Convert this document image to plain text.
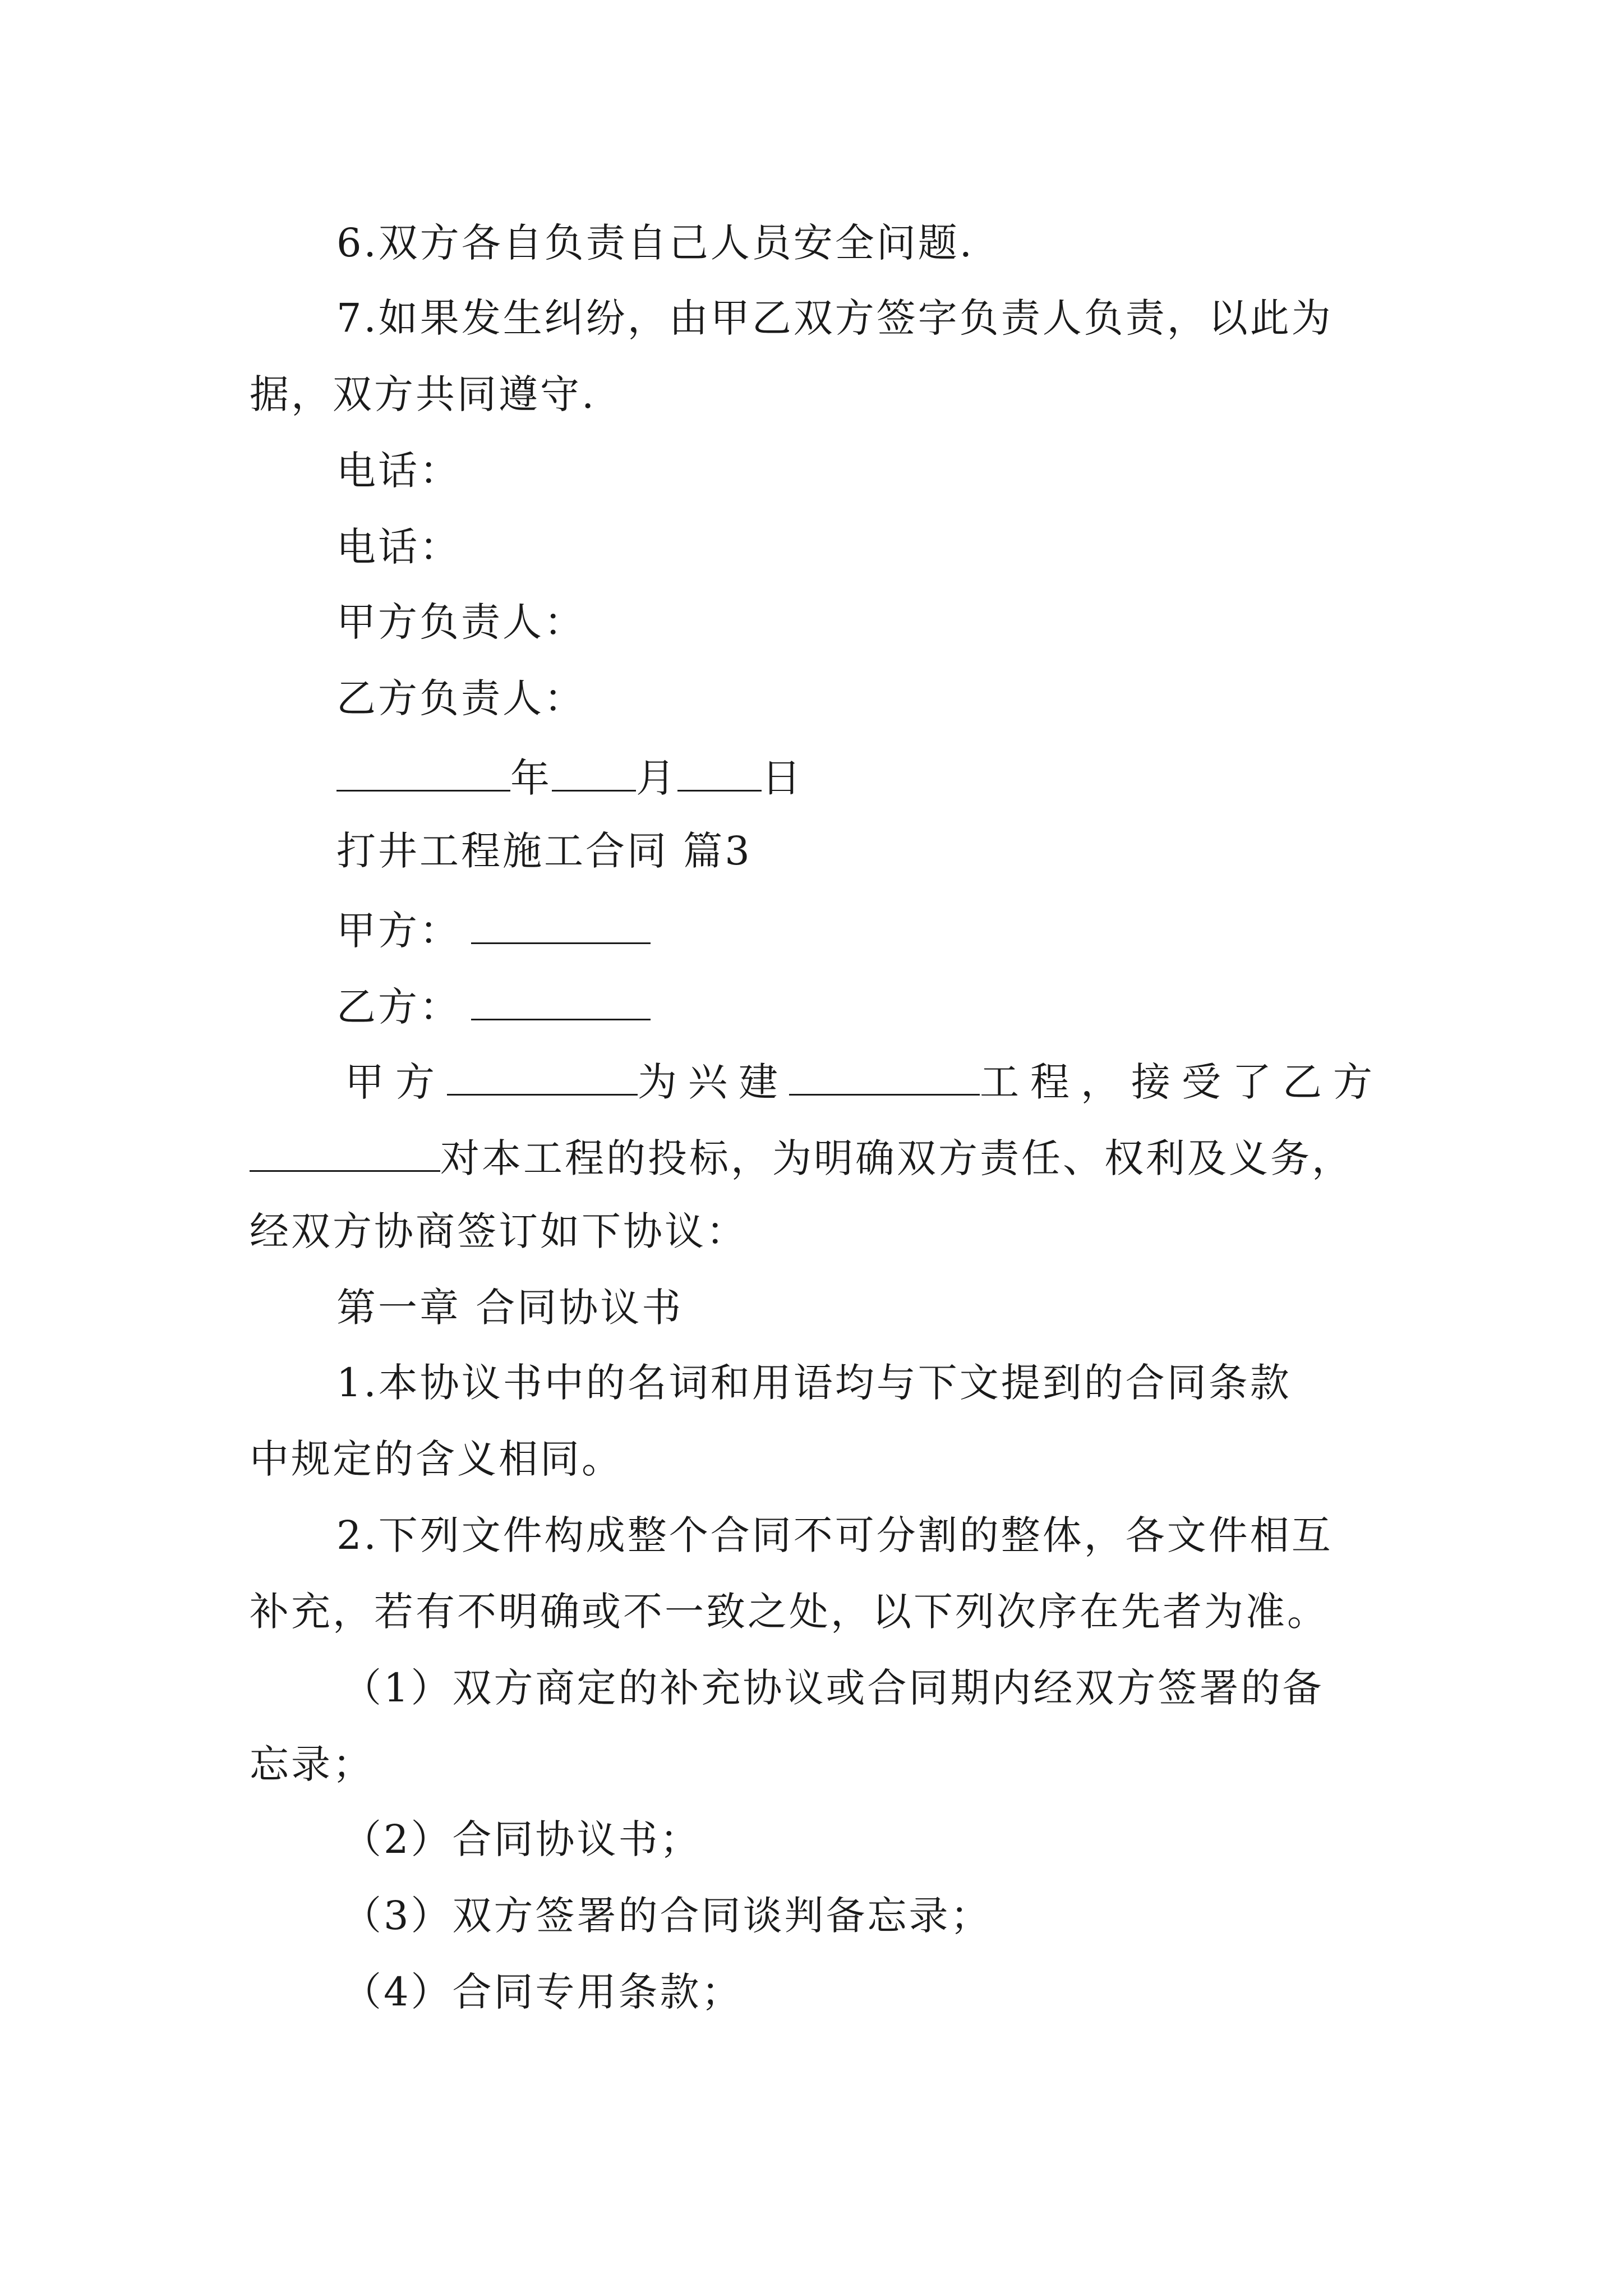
6.双方各自负责自己人员安全问题.
7.如果发生纠纷，由甲乙双方签字负责人负责，以此为
据，双方共同遵守.
电话：
电话：
甲方负责人：
乙方负责人：
年 月 日
打井工程施工合同 篇3
甲方：
乙方：
甲方	为兴建	工程，接受了乙方
对本工程的投标，为明确双方责任、权利及义务，
经双方协商签订如下协议：
第一章 合同协议书
1.本协议书中的名词和用语均与下文提到的合同条款
中规定的含义相同。
2.下列文件构成整个合同不可分割的整体，各文件相互
补充，若有不明确或不一致之处，以下列次序在先者为准。
（1）双方商定的补充协议或合同期内经双方签署的备
忘录；
（2）合同协议书；
（3）双方签署的合同谈判备忘录；
（4）合同专用条款；
